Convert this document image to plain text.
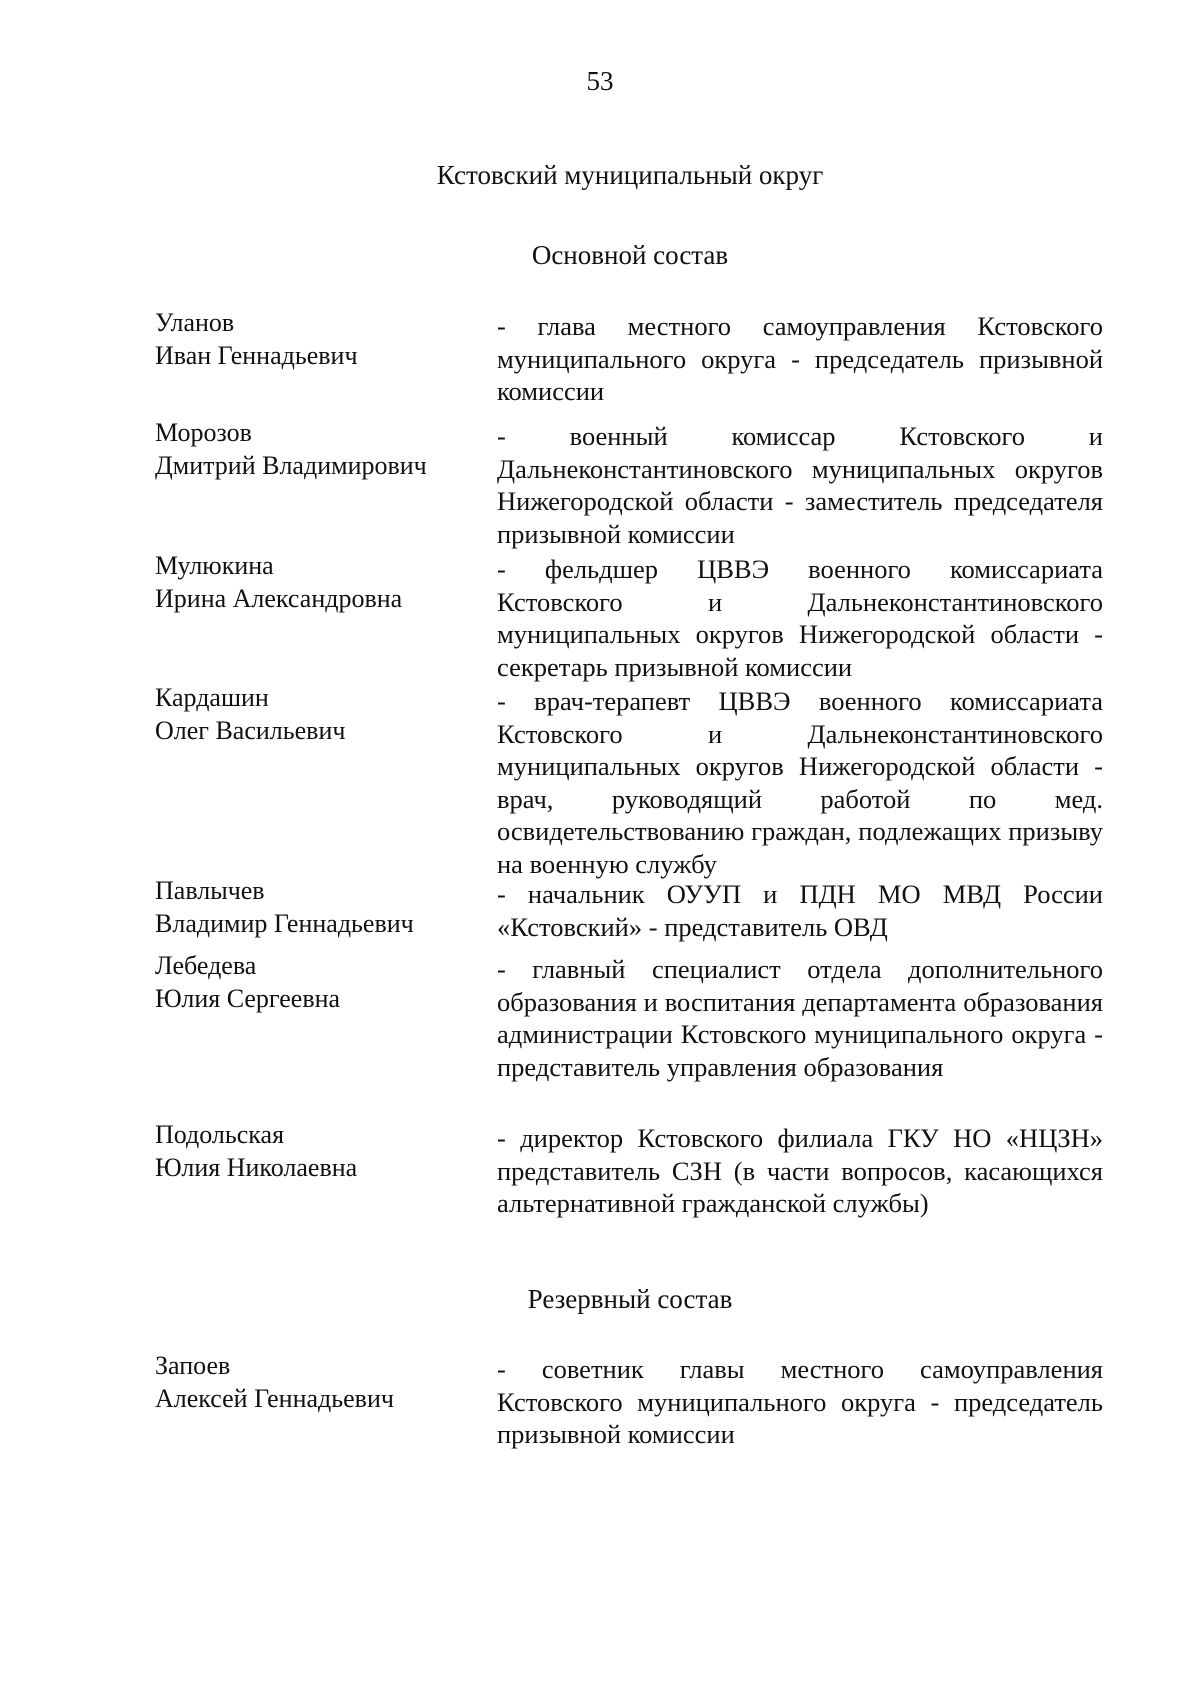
53
Кстовский муниципальный округ
Основной состав
Уланов
Иван Геннадьевич
- глава местного самоуправления Кстовского муниципального округа - председатель призывной комиссии
Морозов
Дмитрий Владимирович
- военный комиссар Кстовского и Дальнеконстантиновского муниципальных округов Нижегородской области - заместитель председателя призывной комиссии
Мулюкина
Ирина Александровна
- фельдшер ЦВВЭ военного комиссариата Кстовского и Дальнеконстантиновского муниципальных округов Нижегородской области - секретарь призывной комиссии
Кардашин
Олег Васильевич
- врач-терапевт ЦВВЭ военного комиссариата Кстовского и Дальнеконстантиновского муниципальных округов Нижегородской области - врач, руководящий работой по мед. освидетельствованию граждан, подлежащих призыву на военную службу
Павлычев
Владимир Геннадьевич
- начальник ОУУП и ПДН МО МВД России «Кстовский» - представитель ОВД
Лебедева
Юлия Сергеевна
- главный специалист отдела дополнительного образования и воспитания департамента образования администрации Кстовского муниципального округа - представитель управления образования
Подольская
Юлия Николаевна
- директор Кстовского филиала ГКУ НО «НЦЗН» представитель СЗН (в части вопросов, касающихся альтернативной гражданской службы)
Резервный состав
Запоев
Алексей Геннадьевич
- советник главы местного самоуправления Кстовского муниципального округа - председатель призывной комиссии
